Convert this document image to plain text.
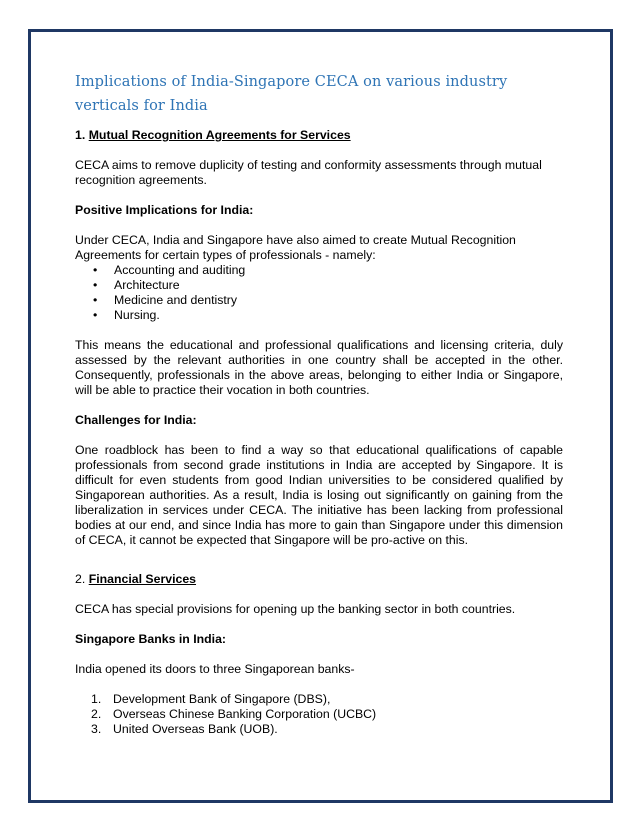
Implications of India-Singapore CECA on various industry verticals for India

1. Mutual Recognition Agreements for Services

CECA aims to remove duplicity of testing and conformity assessments through mutual recognition agreements.

Positive Implications for India:

Under CECA, India and Singapore have also aimed to create Mutual Recognition Agreements for certain types of professionals - namely:

• Accounting and auditing
• Architecture
• Medicine and dentistry
• Nursing.

This means the educational and professional qualifications and licensing criteria, duly assessed by the relevant authorities in one country shall be accepted in the other. Consequently, professionals in the above areas, belonging to either India or Singapore, will be able to practice their vocation in both countries.

Challenges for India:

One roadblock has been to find a way so that educational qualifications of capable professionals from second grade institutions in India are accepted by Singapore. It is difficult for even students from good Indian universities to be considered qualified by Singaporean authorities. As a result, India is losing out significantly on gaining from the liberalization in services under CECA. The initiative has been lacking from professional bodies at our end, and since India has more to gain than Singapore under this dimension of CECA, it cannot be expected that Singapore will be pro-active on this.

2. Financial Services

CECA has special provisions for opening up the banking sector in both countries.

Singapore Banks in India:

India opened its doors to three Singaporean banks-

1. Development Bank of Singapore (DBS),
2. Overseas Chinese Banking Corporation (UCBC)
3. United Overseas Bank (UOB).
